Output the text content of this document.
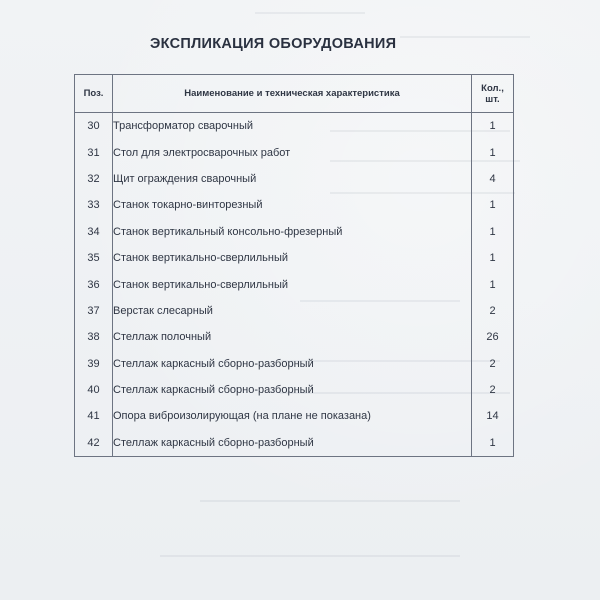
ЭКСПЛИКАЦИЯ ОБОРУДОВАНИЯ
Поз.	Наименование и техническая характеристика	Кол.,
шт.
30	Трансформатор сварочный	1
31	Стол для электросварочных работ	1
32	Щит ограждения сварочный	4
33	Станок токарно-винторезный	1
34	Станок вертикальный консольно-фрезерный	1
35	Станок вертикально-сверлильный	1
36	Станок вертикально-сверлильный	1
37	Верстак слесарный	2
38	Стеллаж полочный	26
39	Стеллаж каркасный сборно-разборный	2
40	Стеллаж каркасный сборно-разборный	2
41	Опора виброизолирующая (на плане не показана)	14
42	Стеллаж каркасный сборно-разборный	1
